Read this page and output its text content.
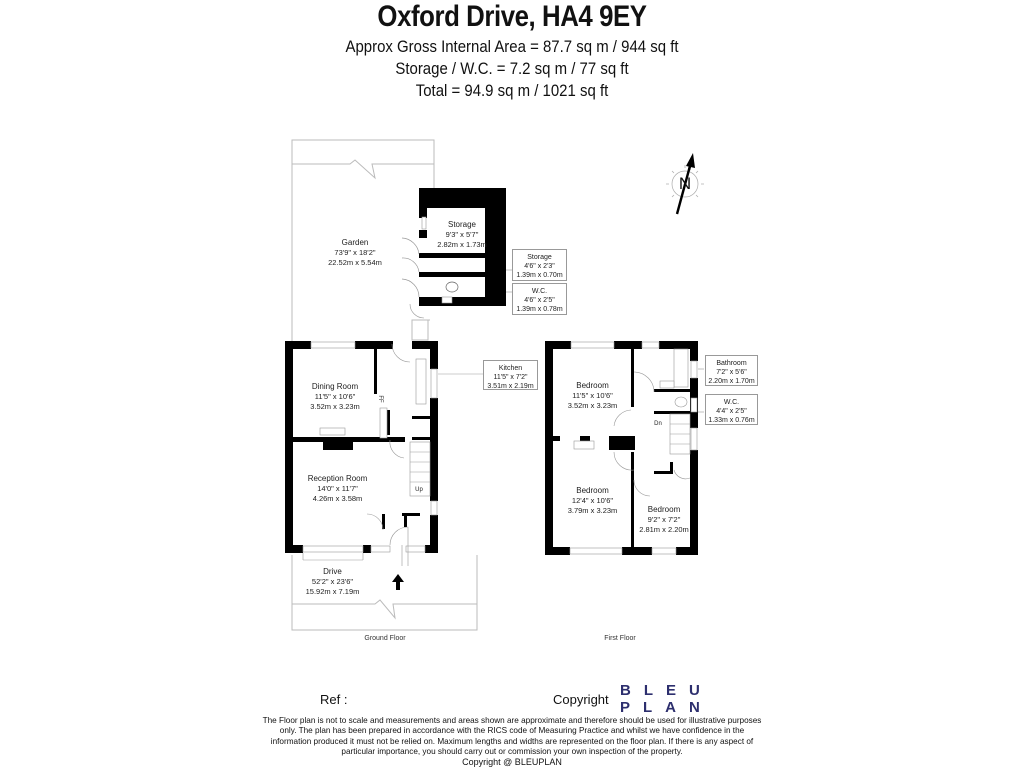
Oxford Drive, HA4 9EY
Approx Gross Internal Area = 87.7 sq m / 944 sq ft
Storage / W.C. = 7.2 sq m / 77 sq ft
Total = 94.9 sq m / 1021 sq ft
N
Garden
73'9" x 18'2"
22.52m x 5.54m
Storage
9'3" x 5'7"
2.82m x 1.73m
Storage
4'6" x 2'3"
1.39m x 0.70m
W.C.
4'6" x 2'5"
1.39m x 0.78m
Dining Room
11'5" x 10'6"
3.52m x 3.23m
FF
Kitchen
11'5" x 7'2"
3.51m x 2.19m
Reception Room
14'0" x 11'7"
4.26m x 3.58m
Up
Drive
52'2" x 23'6"
15.92m x 7.19m
Ground Floor
Bedroom
11'5" x 10'6"
3.52m x 3.23m
Bathroom
7'2" x 5'6"
2.20m x 1.70m
W.C.
4'4" x 2'5"
1.33m x 0.76m
Dn
Bedroom
12'4" x 10'6"
3.79m x 3.23m	Bedroom
9'2" x 7'2"
2.81m x 2.20m
First Floor
Ref :	Copyright
BLEU
PLAN
The Floor plan is not to scale and measurements and areas shown are approximate and therefore should be used for illustrative purposes only. The plan has been prepared in accordance with the RICS code of Measuring Practice and whilst we have confidence in the information produced it must not be relied on. Maximum lengths and widths are represented on the floor plan. If there is any aspect of particular importance, you should carry out or commission your own inspection of the property.
Copyright @ BLEUPLAN
